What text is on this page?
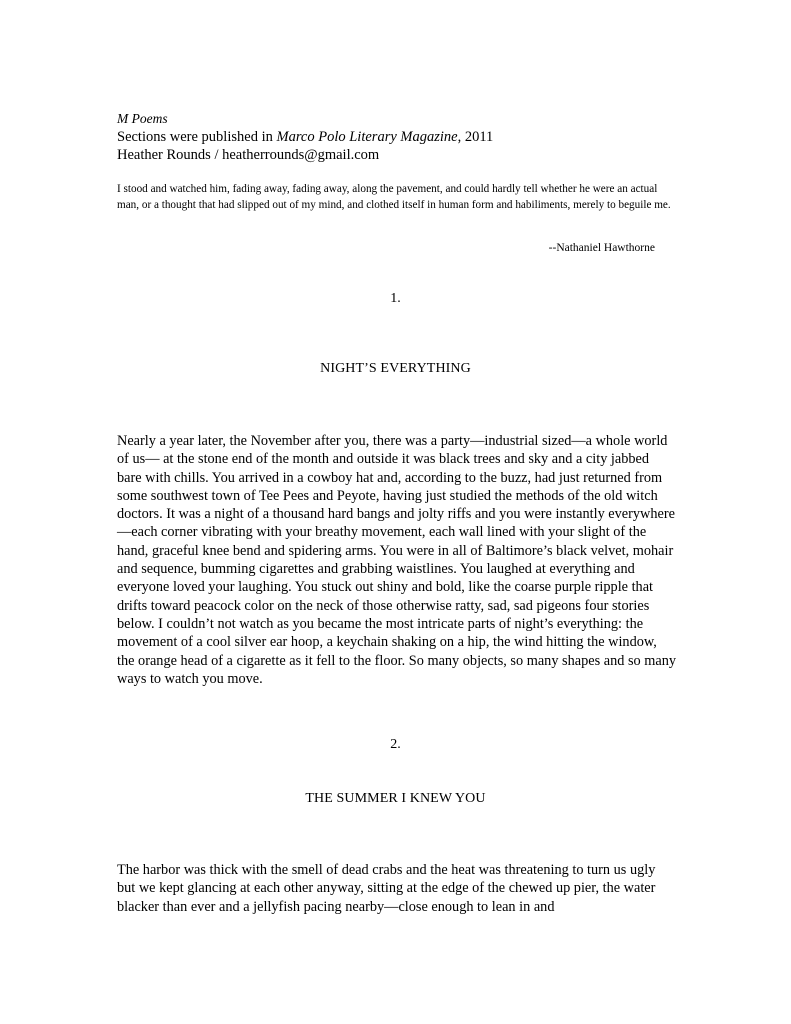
M Poems
Sections were published in Marco Polo Literary Magazine, 2011
Heather Rounds / heatherrounds@gmail.com
I stood and watched him, fading away, fading away, along the pavement, and could hardly tell whether he were an actual man, or a thought that had slipped out of my mind, and clothed itself in human form and habiliments, merely to beguile me.
--Nathaniel Hawthorne
1.
NIGHT’S EVERYTHING
Nearly a year later, the November after you, there was a party—industrial sized—a whole world of us— at the stone end of the month and outside it was black trees and sky and a city jabbed bare with chills. You arrived in a cowboy hat and, according to the buzz, had just returned from some southwest town of Tee Pees and Peyote, having just studied the methods of the old witch doctors. It was a night of a thousand hard bangs and jolty riffs and you were instantly everywhere—each corner vibrating with your breathy movement, each wall lined with your slight of the hand, graceful knee bend and spidering arms. You were in all of Baltimore’s black velvet, mohair and sequence, bumming cigarettes and grabbing waistlines. You laughed at everything and everyone loved your laughing. You stuck out shiny and bold, like the coarse purple ripple that drifts toward peacock color on the neck of those otherwise ratty, sad, sad pigeons four stories below. I couldn’t not watch as you became the most intricate parts of night’s everything: the movement of a cool silver ear hoop, a keychain shaking on a hip, the wind hitting the window, the orange head of a cigarette as it fell to the floor. So many objects, so many shapes and so many ways to watch you move.
2.
THE SUMMER I KNEW YOU
The harbor was thick with the smell of dead crabs and the heat was threatening to turn us ugly but we kept glancing at each other anyway, sitting at the edge of the chewed up pier, the water blacker than ever and a jellyfish pacing nearby—close enough to lean in and
